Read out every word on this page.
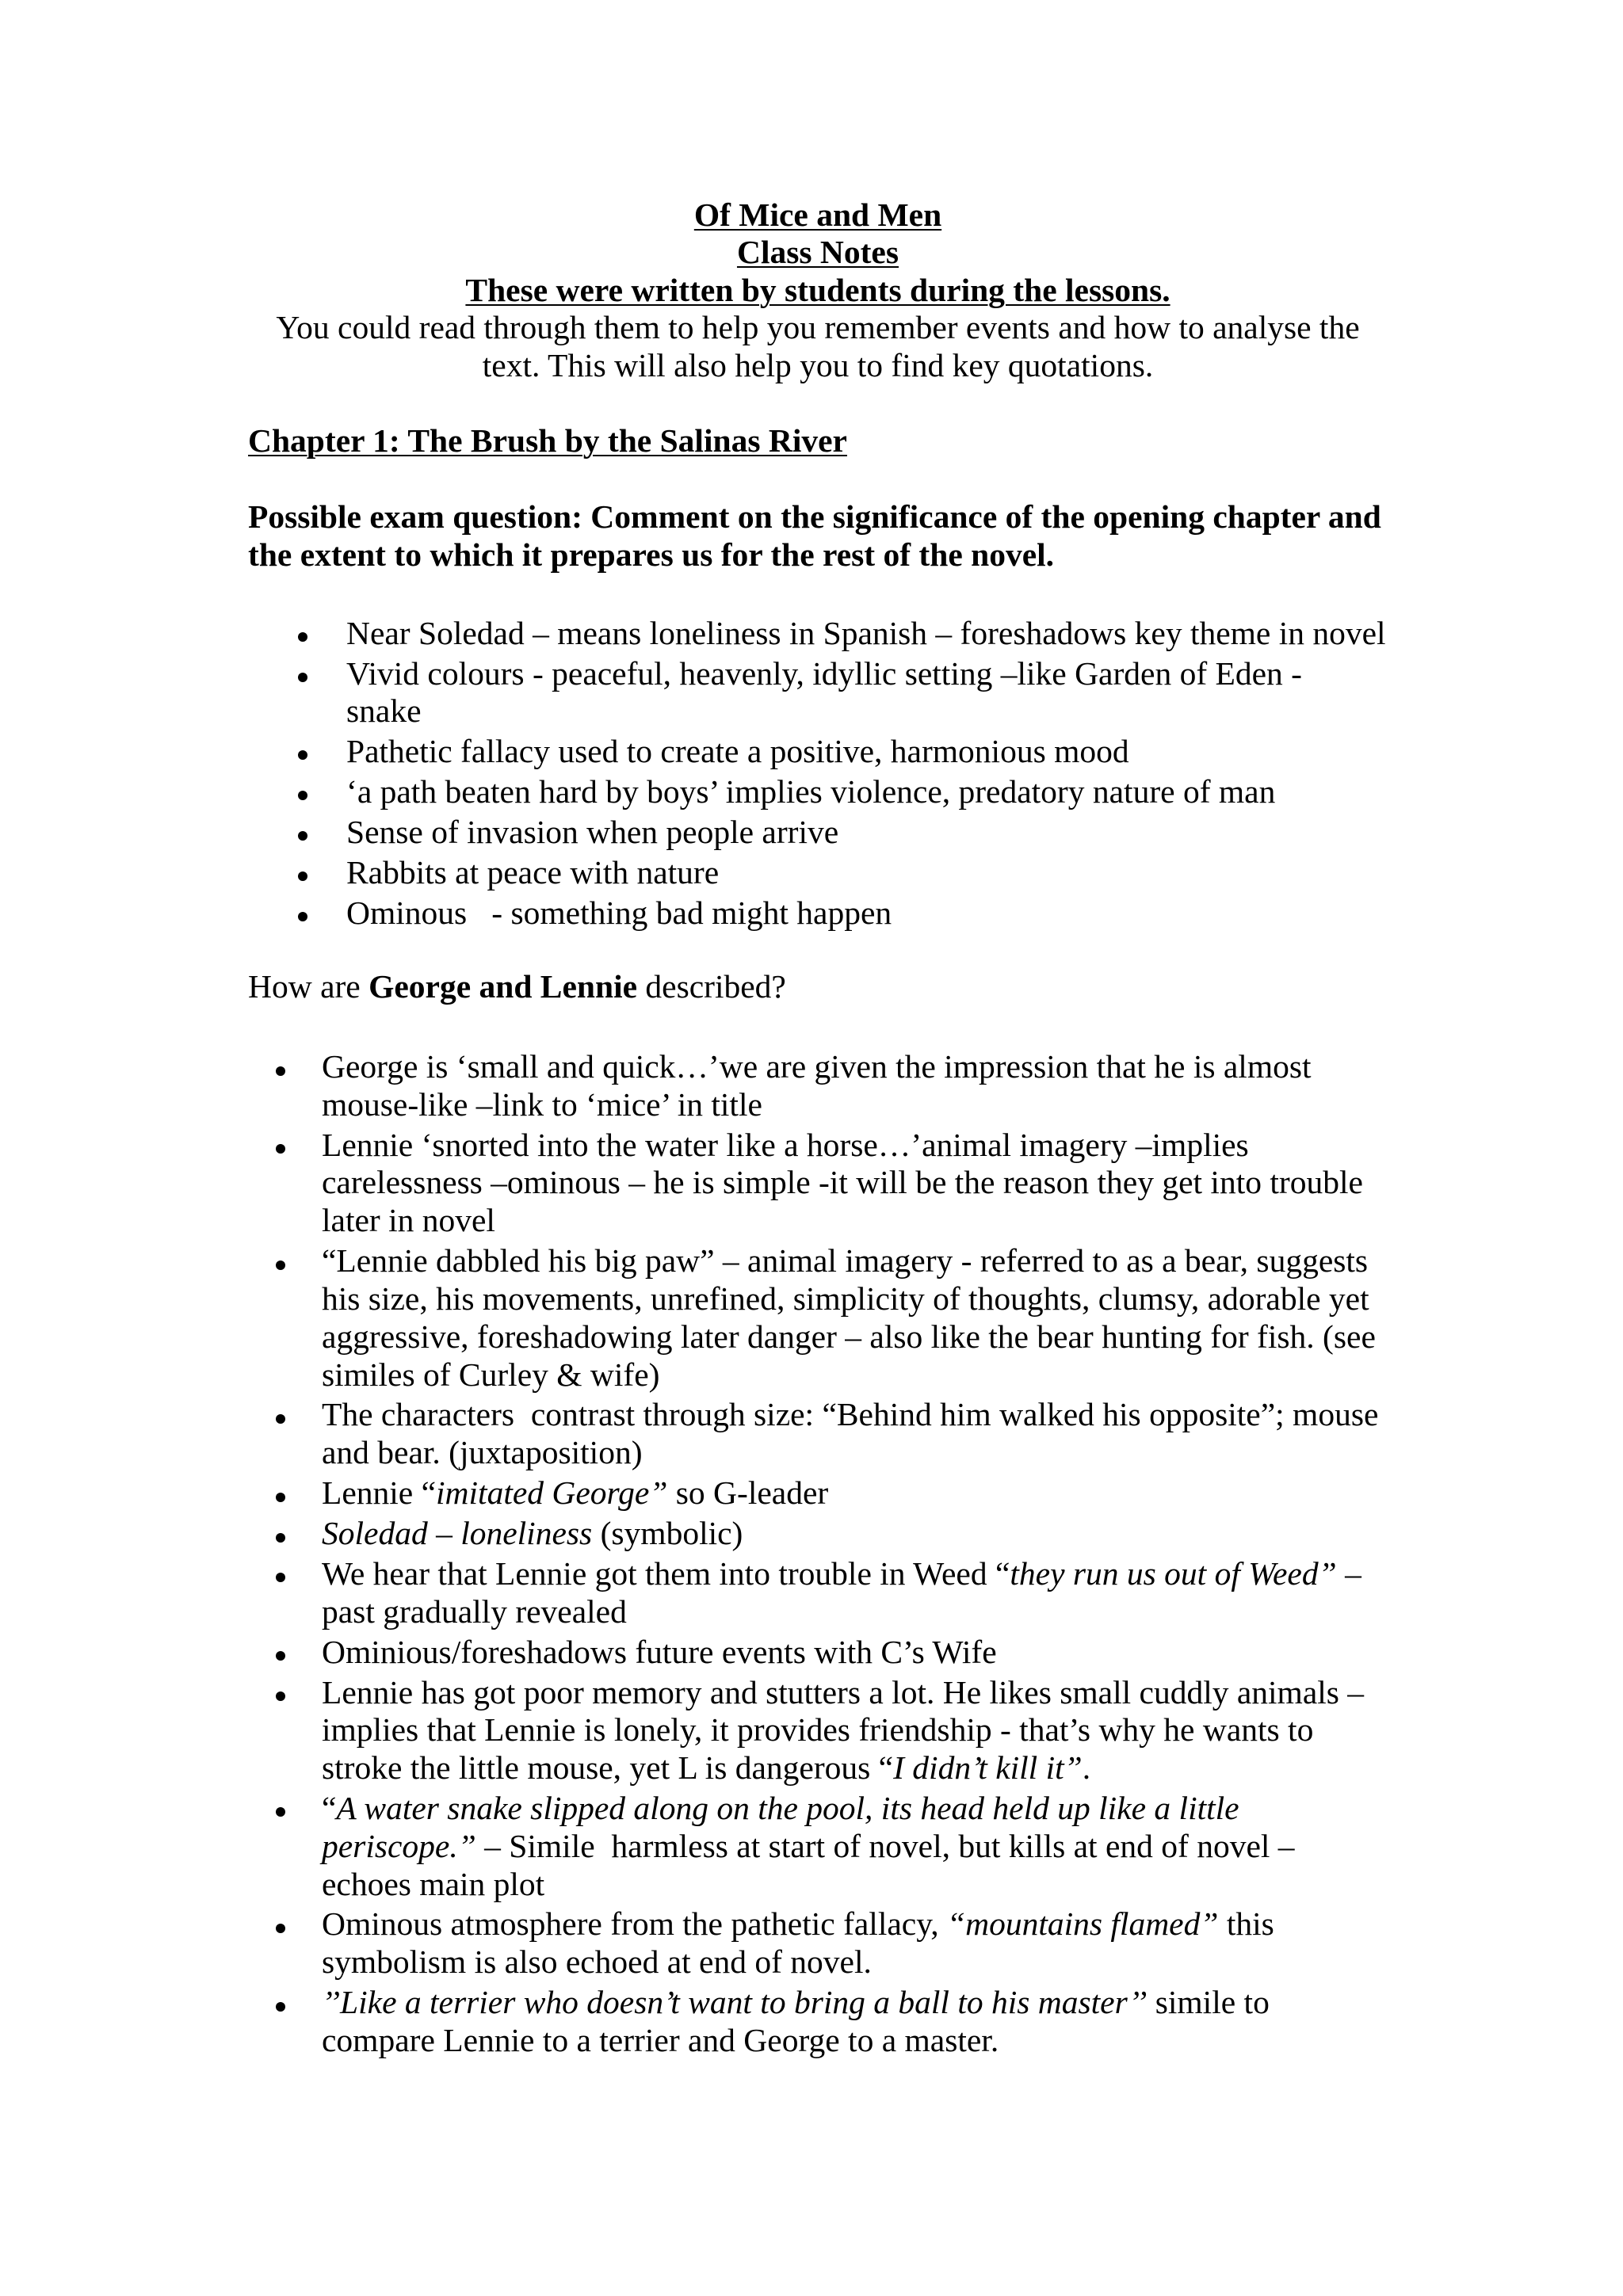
Of Mice and Men
Class Notes
These were written by students during the lessons.
You could read through them to help you remember events and how to analyse the
text. This will also help you to find key quotations.
Chapter 1: The Brush by the Salinas River
Possible exam question: Comment on the significance of the opening chapter and
the extent to which it prepares us for the rest of the novel.
Near Soledad – means loneliness in Spanish – foreshadows key theme in novel
Vivid colours - peaceful, heavenly, idyllic setting –like Garden of Eden -
snake
Pathetic fallacy used to create a positive, harmonious mood
‘a path beaten hard by boys’ implies violence, predatory nature of man
Sense of invasion when people arrive
Rabbits at peace with nature
Ominous   - something bad might happen
How are George and Lennie described?
George is ‘small and quick…’we are given the impression that he is almost
mouse-like –link to ‘mice’ in title
Lennie ‘snorted into the water like a horse…’animal imagery –implies
carelessness –ominous – he is simple -it will be the reason they get into trouble
later in novel
“Lennie dabbled his big paw” – animal imagery - referred to as a bear, suggests
his size, his movements, unrefined, simplicity of thoughts, clumsy, adorable yet
aggressive, foreshadowing later danger – also like the bear hunting for fish. (see
similes of Curley & wife)
The characters  contrast through size: “Behind him walked his opposite”; mouse
and bear. (juxtaposition)
Lennie “imitated George” so G-leader
Soledad – loneliness (symbolic)
We hear that Lennie got them into trouble in Weed “they run us out of Weed” –
past gradually revealed
Ominious/foreshadows future events with C’s Wife
Lennie has got poor memory and stutters a lot. He likes small cuddly animals –
implies that Lennie is lonely, it provides friendship - that’s why he wants to
stroke the little mouse, yet L is dangerous “I didn’t kill it”.
“A water snake slipped along on the pool, its head held up like a little
periscope.” – Simile  harmless at start of novel, but kills at end of novel –
echoes main plot
Ominous atmosphere from the pathetic fallacy, “mountains flamed” this
symbolism is also echoed at end of novel.
’’Like a terrier who doesn’t want to bring a ball to his master’’ simile to
compare Lennie to a terrier and George to a master.
